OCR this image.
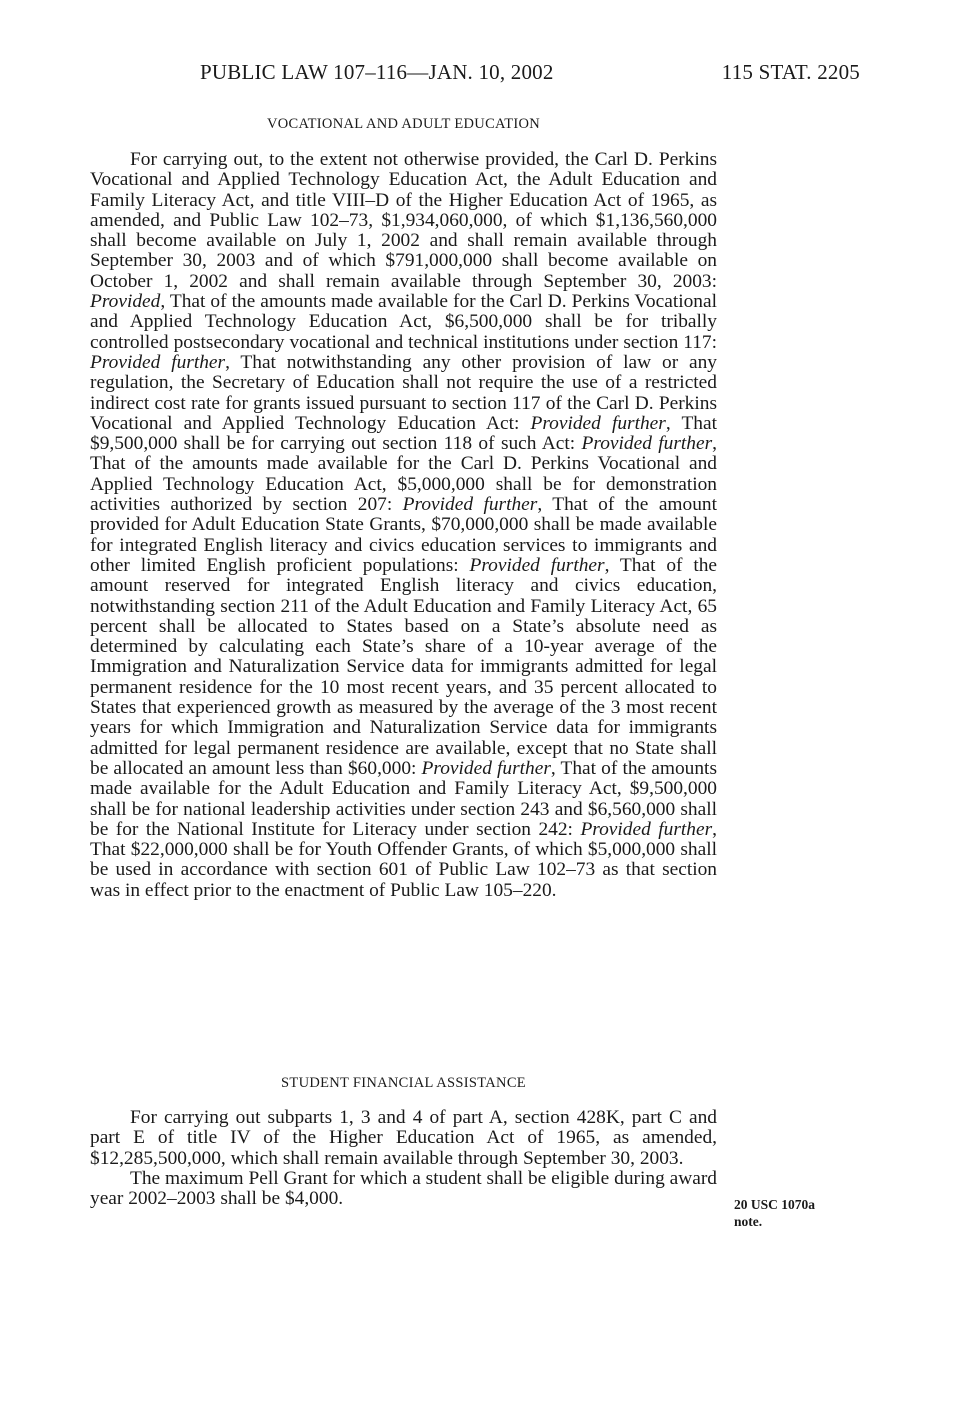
PUBLIC LAW 107–116—JAN. 10, 2002	115 STAT. 2205
VOCATIONAL AND ADULT EDUCATION

For carrying out, to the extent not otherwise provided, the Carl D. Perkins Vocational and Applied Technology Education Act, the Adult Education and Family Literacy Act, and title VIII–D of the Higher Education Act of 1965, as amended, and Public Law 102–73, $1,934,060,000, of which $1,136,560,000 shall become available on July 1, 2002 and shall remain available through September 30, 2003 and of which $791,000,000 shall become available on October 1, 2002 and shall remain available through September 30, 2003: Provided, That of the amounts made available for the Carl D. Perkins Vocational and Applied Technology Education Act, $6,500,000 shall be for tribally controlled postsecondary vocational and technical institutions under section 117: Provided further, That notwithstanding any other provision of law or any regulation, the Secretary of Education shall not require the use of a restricted indirect cost rate for grants issued pursuant to section 117 of the Carl D. Perkins Vocational and Applied Technology Education Act: Provided further, That $9,500,000 shall be for carrying out section 118 of such Act: Provided further, That of the amounts made available for the Carl D. Perkins Vocational and Applied Technology Education Act, $5,000,000 shall be for demonstration activities authorized by section 207: Provided further, That of the amount provided for Adult Education State Grants, $70,000,000 shall be made available for integrated English literacy and civics education services to immigrants and other limited English proficient populations: Provided further, That of the amount reserved for integrated English literacy and civics education, notwithstanding section 211 of the Adult Education and Family Literacy Act, 65 percent shall be allocated to States based on a State’s absolute need as determined by calculating each State’s share of a 10-year average of the Immigration and Naturalization Service data for immigrants admitted for legal permanent residence for the 10 most recent years, and 35 percent allocated to States that experienced growth as measured by the average of the 3 most recent years for which Immigration and Naturalization Service data for immigrants admitted for legal permanent residence are available, except that no State shall be allocated an amount less than $60,000: Provided further, That of the amounts made available for the Adult Education and Family Literacy Act, $9,500,000 shall be for national leadership activities under section 243 and $6,560,000 shall be for the National Institute for Literacy under section 242: Provided further, That $22,000,000 shall be for Youth Offender Grants, of which $5,000,000 shall be used in accordance with section 601 of Public Law 102–73 as that section was in effect prior to the enactment of Public Law 105–220.

STUDENT FINANCIAL ASSISTANCE

For carrying out subparts 1, 3 and 4 of part A, section 428K, part C and part E of title IV of the Higher Education Act of 1965, as amended, $12,285,500,000, which shall remain available through September 30, 2003.

The maximum Pell Grant for which a student shall be eligible during award year 2002–2003 shall be $4,000.	20 USC 1070a
note.
